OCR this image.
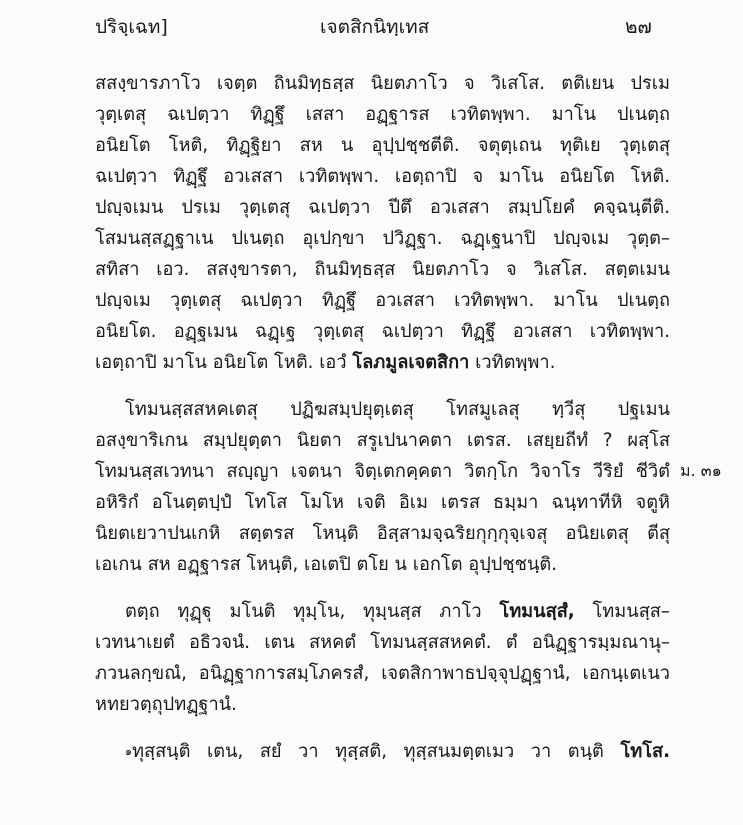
ปริจฺเฉท]	เจตสิกนิทฺเทส	๒๗
สสงฺขารภาโว เจตฺต ถินมิทฺธสฺส นิยตภาโว จ วิเสโส. ตติเยน ปรเม
วุตฺเตสุ ฉเปตฺวา ทิฏฺฐึ เสสา อฏฺฐารส เวทิตพฺพา. มาโน ปเนตฺถ
อนิยโต โหติ, ทิฏฺฐิยา สห น อุปฺปชฺชตีติ. จตุตฺเถน ทุติเย วุตฺเตสุ
ฉเปตฺวา ทิฏฺฐึ อวเสสา เวทิตพฺพา. เอตฺถาปิ จ มาโน อนิยโต โหติ.
ปญฺจเมน ปรเม วุตฺเตสุ ฉเปตฺวา ปีตึ อวเสสา สมฺปโยคํ คจฺฉนฺตีติ.
โสมนสฺสฏฺฐาเน ปเนตฺถ อุเปกฺขา ปวิฏฺฐา. ฉฏฺเฐนาปิ ปญฺจเม วุตฺต–
สทิสา เอว. สสงฺขารตา, ถินมิทฺธสฺส นิยตภาโว จ วิเสโส. สตฺตเมน
ปญฺจเม วุตฺเตสุ ฉเปตฺวา ทิฏฺฐึ อวเสสา เวทิตพฺพา. มาโน ปเนตฺถ
อนิยโต. อฏฺฐเมน ฉฏฺเฐ วุตฺเตสุ ฉเปตฺวา ทิฏฺฐึ อวเสสา เวทิตพฺพา.
เอตฺถาปิ มาโน อนิยโต โหติ. เอวํ โลภมูลเจตสิกา เวทิตพฺพา.
โทมนสฺสสหคเตสุ ปฏิฆสมฺปยุตฺเตสุ โทสมูเลสุ ทฺวีสุ ปฐเมน
อสงฺขาริเกน สมฺปยุตฺตา นิยตา สรูเปนาคตา เตรส. เสยฺยถีทํ ? ผสฺโส
โทมนสฺสเวทนา สญฺญา เจตนา จิตฺเตกคฺคตา วิตกฺโก วิจาโร วีริยํ ชีวิตํ
อหิริกํ อโนตฺตปฺปํ โทโส โมโห เจติ อิเม เตรส ธมฺมา ฉนฺทาทีหิ จตูหิ
นิยตเยวาปนเกหิ สตฺตรส โหนฺติ อิสฺสามจฺฉริยกุกฺกุจฺเจสุ อนิยเตสุ ตีสุ
เอเกน สห อฏฺฐารส โหนฺติ, เอเตปิ ตโย น เอกโต อุปฺปชฺชนฺติ.
ตตฺถ ทุฏฺฐุ มโนติ ทุมฺโน, ทุมฺนสฺส ภาโว โทมนสฺสํ, โทมนสฺส–
เวทนาเยตํ อธิวจนํ. เตน สหคตํ โทมนสฺสสหคตํ. ตํ อนิฏฺฐารมฺมณานุ–
ภวนลกฺขณํ, อนิฏฺฐาการสมฺโภครสํ, เจตสิกาพาธปจฺจุปฏฺฐานํ, เอกนฺเตเนว
หทยวตฺถุปทฏฺฐานํ.
$^๑$ทุสฺสนฺติ เตน, สยํ วา ทุสฺสติ, ทุสฺสนมตฺตเมว วา ตนฺติ โทโส.
ม. ๓๑
